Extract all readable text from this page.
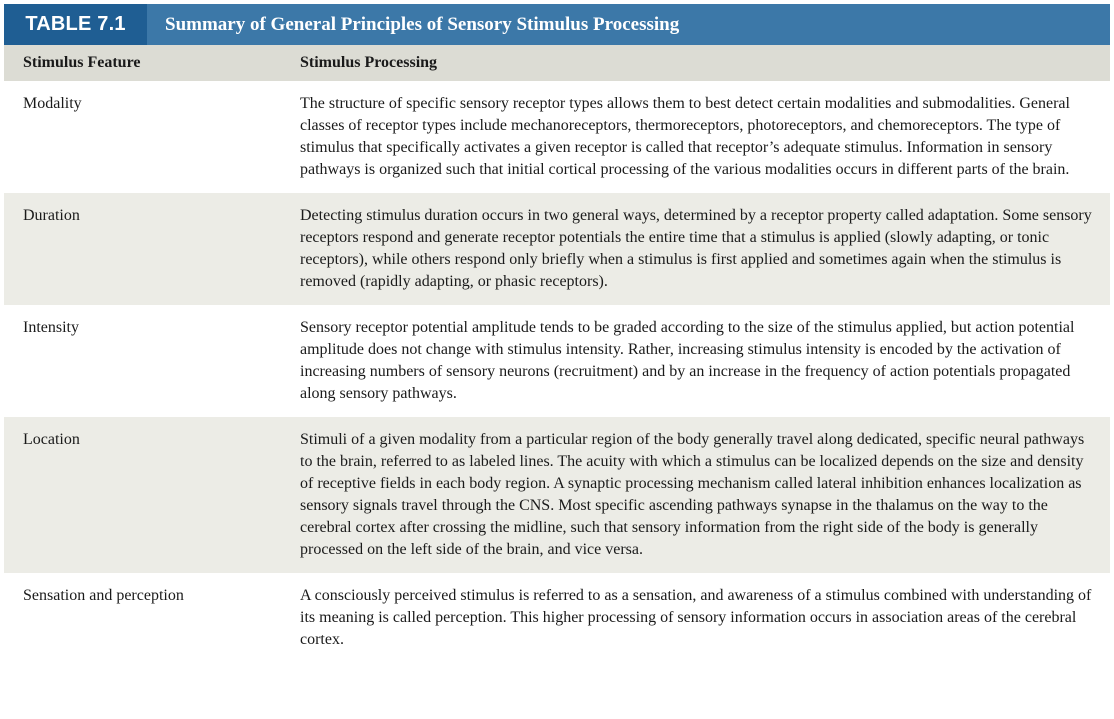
TABLE 7.1	Summary of General Principles of Sensory Stimulus Processing
Stimulus Feature	Stimulus Processing
Modality	The structure of specific sensory receptor types allows them to best detect certain modalities and submodalities. General classes of receptor types include mechanoreceptors, thermoreceptors, photoreceptors, and chemoreceptors. The type of stimulus that specifically activates a given receptor is called that receptor’s adequate stimulus. Information in sensory pathways is organized such that initial cortical processing of the various modalities occurs in different parts of the brain.
Duration	Detecting stimulus duration occurs in two general ways, determined by a receptor property called adaptation. Some sensory receptors respond and generate receptor potentials the entire time that a stimulus is applied (slowly adapting, or tonic receptors), while others respond only briefly when a stimulus is first applied and sometimes again when the stimulus is removed (rapidly adapting, or phasic receptors).
Intensity	Sensory receptor potential amplitude tends to be graded according to the size of the stimulus applied, but action potential amplitude does not change with stimulus intensity. Rather, increasing stimulus intensity is encoded by the activation of increasing numbers of sensory neurons (recruitment) and by an increase in the frequency of action potentials propagated along sensory pathways.
Location	Stimuli of a given modality from a particular region of the body generally travel along dedicated, specific neural pathways to the brain, referred to as labeled lines. The acuity with which a stimulus can be localized depends on the size and density of receptive fields in each body region. A synaptic processing mechanism called lateral inhibition enhances localization as sensory signals travel through the CNS. Most specific ascending pathways synapse in the thalamus on the way to the cerebral cortex after crossing the midline, such that sensory information from the right side of the body is generally processed on the left side of the brain, and vice versa.
Sensation and perception	A consciously perceived stimulus is referred to as a sensation, and awareness of a stimulus combined with understanding of its meaning is called perception. This higher processing of sensory information occurs in association areas of the cerebral cortex.
